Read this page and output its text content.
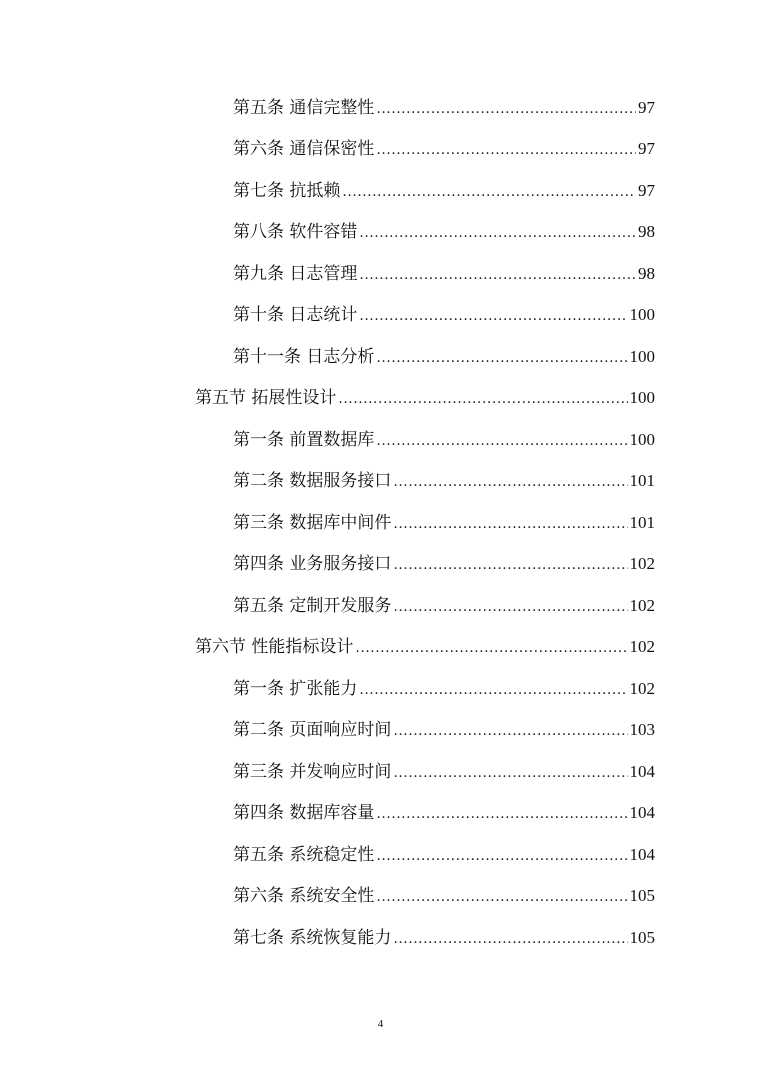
第五条 通信完整性 .....	97
第六条 通信保密性 .....	97
第七条 抗抵赖 .....	97
第八条 软件容错 .....	98
第九条 日志管理 .....	98
第十条 日志统计 .....	100
第十一条 日志分析 .....	100
第五节 拓展性设计 .....	100
第一条 前置数据库 .....	100
第二条 数据服务接口 .....	101
第三条 数据库中间件 .....	101
第四条 业务服务接口 .....	102
第五条 定制开发服务 .....	102
第六节 性能指标设计 .....	102
第一条 扩张能力 .....	102
第二条 页面响应时间 .....	103
第三条 并发响应时间 .....	104
第四条 数据库容量 .....	104
第五条 系统稳定性 .....	104
第六条 系统安全性 .....	105
第七条 系统恢复能力 .....	105
4
